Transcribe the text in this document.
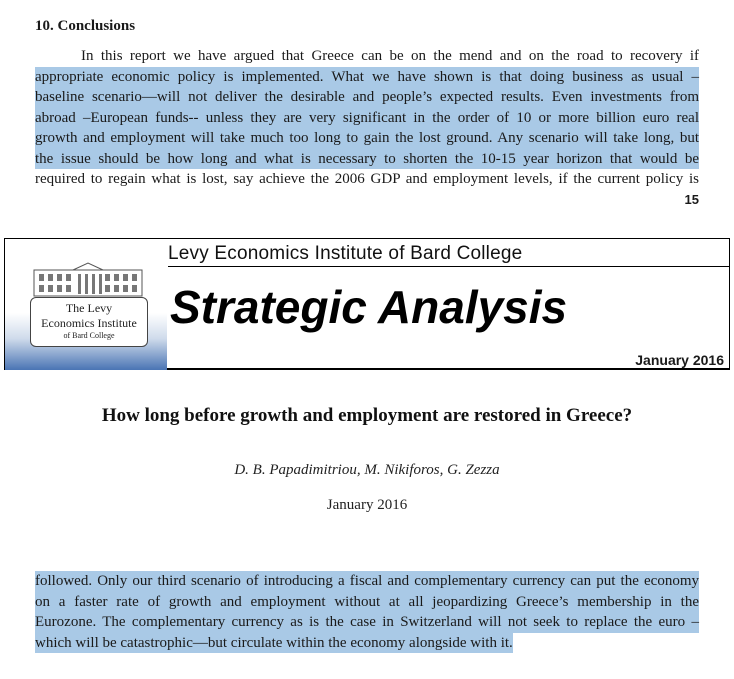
10. Conclusions
In this report we have argued that Greece can be on the mend and on the road to recovery if
appropriate economic policy is implemented. What we have shown is that doing business as usual –
baseline scenario—will not deliver the desirable and people’s expected results. Even investments from
abroad –European funds-- unless they are very significant in the order of 10 or more billion euro real
growth and employment will take much too long to gain the lost ground. Any scenario will take long, but
the issue should be how long and what is necessary to shorten the 10-15 year horizon that would be
required to regain what is lost, say achieve the 2006 GDP and employment levels, if the current policy is
15
The Levy
Economics Institute
of Bard College
Levy Economics Institute of Bard College
Strategic Analysis
January 2016
How long before growth and employment are restored in Greece?
D. B. Papadimitriou, M. Nikiforos, G. Zezza
January 2016
followed. Only our third scenario of introducing a fiscal and complementary currency can put the economy
on a faster rate of growth and employment without at all jeopardizing Greece’s membership in the
Eurozone. The complementary currency as is the case in Switzerland will not seek to replace the euro –
which will be catastrophic—but circulate within the economy alongside with it.
